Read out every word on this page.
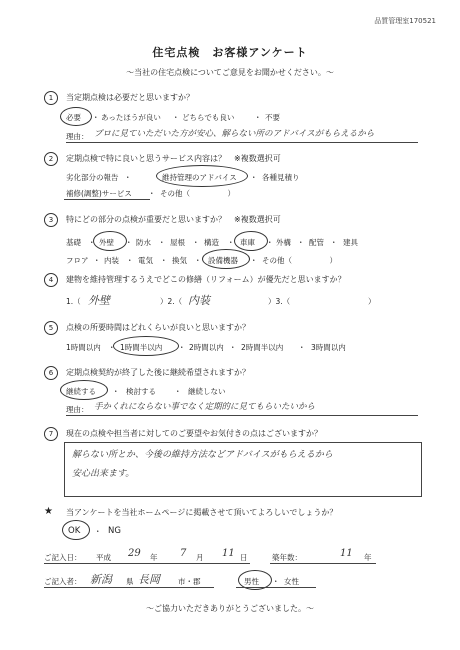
品質管理室170521
住宅点検　お客様アンケート
〜当社の住宅点検についてご意見をお聞かせください。〜
1	当定期点検は必要だと思いますか？
必要 ・ あったほうが良い ・ どちらでも良い	・ 不要
理由： プロに見ていただいた方が安心、解らない所のアドバイスがもらえるから
2	定期点検で特に良いと思うサービス内容は？　※複数選択可
劣化部分の報告 ・	維持管理のアドバイス ・ 各種見積り
補修(調整)サービス ・ その他（　　　　　）
3	特にどの部分の点検が重要だと思いますか？　※複数選択可
基礎 ・ 外壁 ・ 防水 ・ 屋根 ・ 構造 ・ 車庫 ・ 外構 ・ 配管 ・ 建具
フロア ・ 内装 ・ 電気 ・ 換気 ・ 設備機器 ・ その他（　　　　　）
4	建物を維持管理するうえでどこの修繕（リフォーム）が優先だと思いますか？
1.（ 外壁	）2.（ 内装	）3.（	）
5	点検の所要時間はどれくらいが良いと思いますか？
1時間以内 ・ 1時間半以内 ・ 2時間以内 ・ 2時間半以内 ・ 3時間以内
6	定期点検契約が終了した後に継続希望されますか？
継続する ・ 検討する ・ 継続しない
理由： 手かくれにならない事でなく定期的に見てもらいたいから
7	現在の点検や担当者に対してのご要望やお気付きの点はございますか？
解らない所とか、今後の維持方法などアドバイスがもらえるから
安心出来ます。
★ 当アンケートを当社ホームページに掲載させて頂いてよろしいでしょうか？
OK ・ NG
ご記入日： 平成 29 年 7 月 11 日	築年数：	11 年
ご記入者： 新潟 県 長岡 市・郡	男性 ・ 女性
〜ご協力いただきありがとうございました。〜
